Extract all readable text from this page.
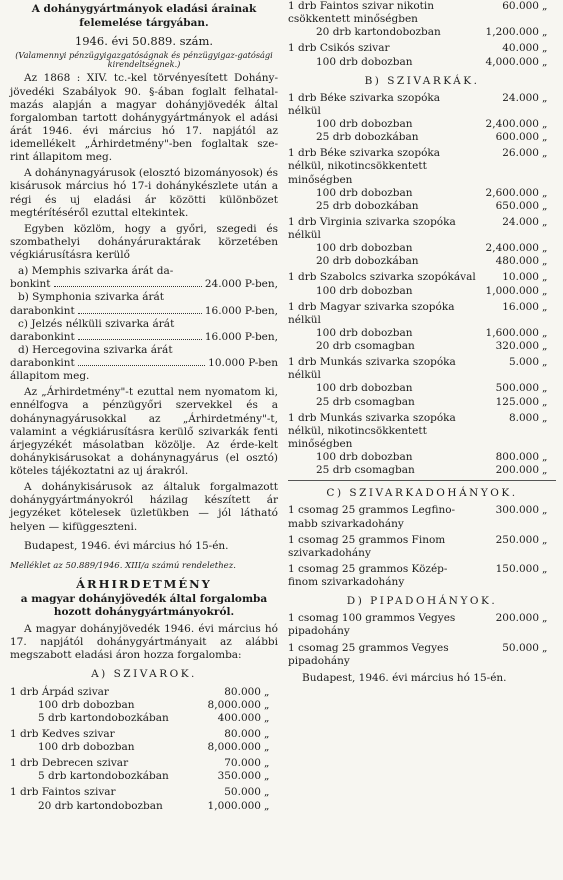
A dohánygyártmányok eladási árainak
felemelése tárgyában.
1946. évi 50.889. szám.
(Valamennyi pénzügyigazgatóságnak és pénzügyigaz-gatósági kirendeltségnek.)

Az 1868 : XIV. tc.-kel törvényesített Dohány-jövedéki Szabályok 90. §-ában foglalt felhatal-mazás alapján a magyar dohányjövedék által forgalomban tartott dohánygyártmányok el adási árát 1946. évi március hó 17. napjától az idemellékelt „Árhirdetmény"-ben foglaltak sze-rint állapitom meg.

A dohánynagyárusok (elosztó bizományosok) és kisárusok március hó 17-i dohánykészlete után a régi és uj eladási ár közötti különbözet megtérítéséről ezuttal eltekintek.

Egyben közlöm, hogy a győri, szegedi és szombathelyi dohányáruraktárak körzetében végkiárusításra kerülő

a) Memphis szivarka árát da-
bonkint	24.000 P-ben,
b) Symphonia szivarka árát
darabonkint	16.000 P-ben,
c) Jelzés nélküli szivarka árát
darabonkint	16.000 P-ben,
d) Hercegovina szivarka árát
darabonkint	10.000 P-ben
állapitom meg.

Az „Árhirdetmény"-t ezuttal nem nyomatom ki, ennélfogva a pénzügyőri szervekkel és a dohánynagyárusokkal az „Árhirdetmény"-t, valamint a végkiárusításra kerülő szivarkák fenti árjegyzékét másolatban közölje. Az érde-kelt dohánykisárusokat a dohánynagyárus (el osztó) köteles tájékoztatni az uj árakról.

A dohánykisárusok az általuk forgalmazott dohánygyártmányokról házilag készített ár jegyzéket kötelesek üzletükben — jól látható helyen — kifüggeszteni.

Budapest, 1946. évi március hó 15-én.
Melléklet az 50.889/1946. XIII/a számú rendelethez.
ÁRHIRDETMÉNY
a magyar dohányjövedék által forgalomba hozott dohánygyártmányokról.

A magyar dohányjövedék 1946. évi március hó 17. napjától dohánygyártmányait az alábbi megszabott eladási áron hozza forgalomba:

A) SZIVAROK.
1 drb Árpád szivar	80.000 „
100 drb dobozban	8,000.000 „
5 drb kartondobozkában	400.000 „
1 drb Kedves szivar	80.000 „
100 drb dobozban	8,000.000 „
1 drb Debrecen szivar	70.000 „
5 drb kartondobozkában	350.000 „
1 drb Faintos szivar	50.000 „
20 drb kartondobozban	1,000.000 „
1 drb Faintos szivar nikotin csökkentett minőségben
60.000 „
20 drb kartondobozban	1,200.000 „
1 drb Csikós szivar	40.000 „
100 drb dobozban	4,000.000 „
B) SZIVARKÁK.
1 drb Béke szivarka szopóka nélkül
24.000 „
100 drb dobozban	2,400.000 „
25 drb dobozkában	600.000 „
1 drb Béke szivarka szopóka nélkül, nikotincsökkentett minőségben
26.000 „
100 drb dobozban	2,600.000 „
25 drb dobozkában	650.000 „
1 drb Virginia szivarka szopóka nélkül
24.000 „
100 drb dobozban	2,400.000 „
20 drb dobozkában	480.000 „
1 drb Szabolcs szivarka szopókával	10.000 „
100 drb dobozban	1,000.000 „
1 drb Magyar szivarka szopóka nélkül
16.000 „
100 drb dobozban	1,600.000 „
20 drb csomagban	320.000 „
1 drb Munkás szivarka szopóka nélkül
5.000 „
100 drb dobozban	500.000 „
25 drb csomagban	125.000 „
1 drb Munkás szivarka szopóka nélkül, nikotincsökkentett minőségben
8.000 „
100 drb dobozban	800.000 „
25 drb csomagban	200.000 „
C) SZIVARKADOHÁNYOK.
1 csomag 25 grammos Legfino-mabb szivarkadohány
300.000 „
1 csomag 25 grammos Finom szivarkadohány
250.000 „
1 csomag 25 grammos Közép-finom szivarkadohány
150.000 „
D) PIPADOHÁNYOK.
1 csomag 100 grammos Vegyes pipadohány
200.000 „
1 csomag 25 grammos Vegyes pipadohány
50.000 „
Budapest, 1946. évi március hó 15-én.
